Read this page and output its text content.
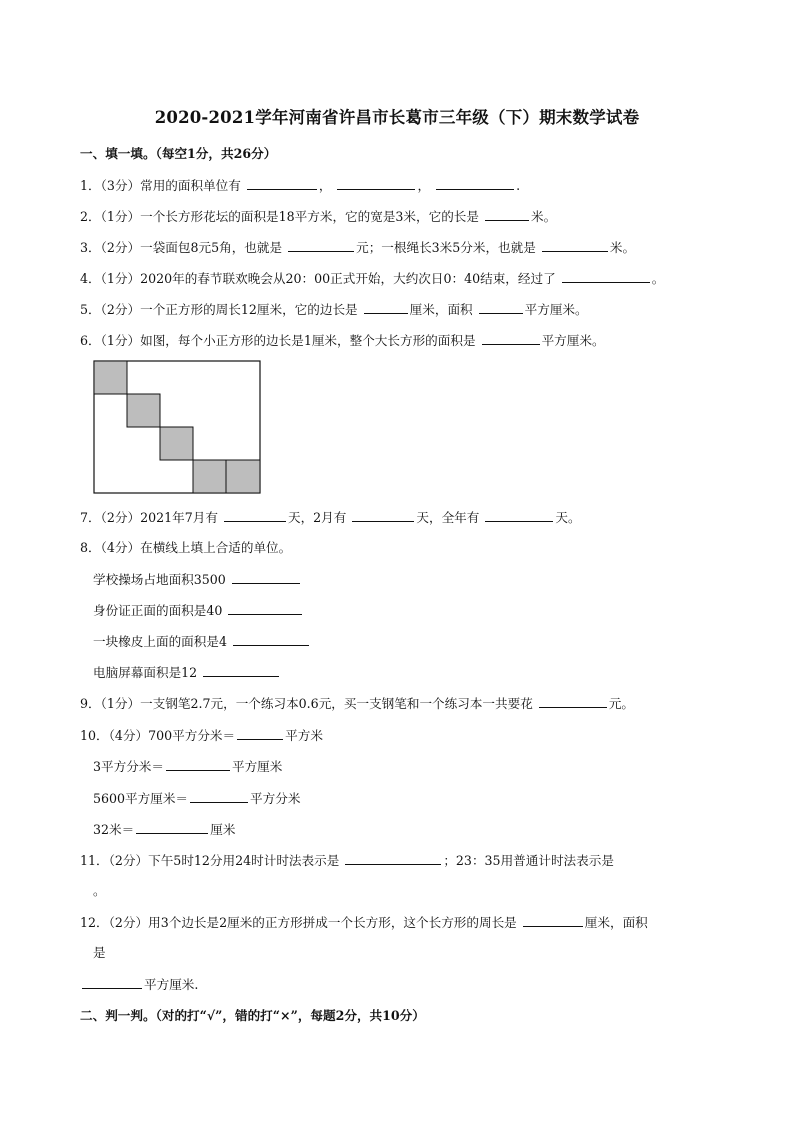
2020-2021学年河南省许昌市长葛市三年级（下）期末数学试卷
一、填一填。（每空1分，共26分）
1．（3分）常用的面积单位有	，	，	.
2．（1分）一个长方形花坛的面积是18平方米，它的宽是3米，它的长是	米。
3．（2分）一袋面包8元5角，也就是	元；一根绳长3米5分米，也就是	米。
4．（1分）2020年的春节联欢晚会从20：00正式开始，大约次日0：40结束，经过了	。
5．（2分）一个正方形的周长12厘米，它的边长是	厘米，面积	平方厘米。
6．（1分）如图，每个小正方形的边长是1厘米，整个大长方形的面积是	平方厘米。
7．（2分）2021年7月有	天，2月有	天，全年有	天。
8．（4分）在横线上填上合适的单位。
学校操场占地面积3500
身份证正面的面积是40
一块橡皮上面的面积是4
电脑屏幕面积是12
9．（1分）一支钢笔2.7元，一个练习本0.6元，买一支钢笔和一个练习本一共要花	元。
10．（4分）700平方分米＝	平方米
3平方分米＝	平方厘米
5600平方厘米＝	平方分米
32米＝	厘米
11．（2分）下午5时12分用24时计时法表示是	；23：35用普通计时法表示是
。
12．（2分）用3个边长是2厘米的正方形拼成一个长方形，这个长方形的周长是	厘米，面积
是
平方厘米.
二、判一判。（对的打“√”，错的打“×”，每题2分，共10分）
